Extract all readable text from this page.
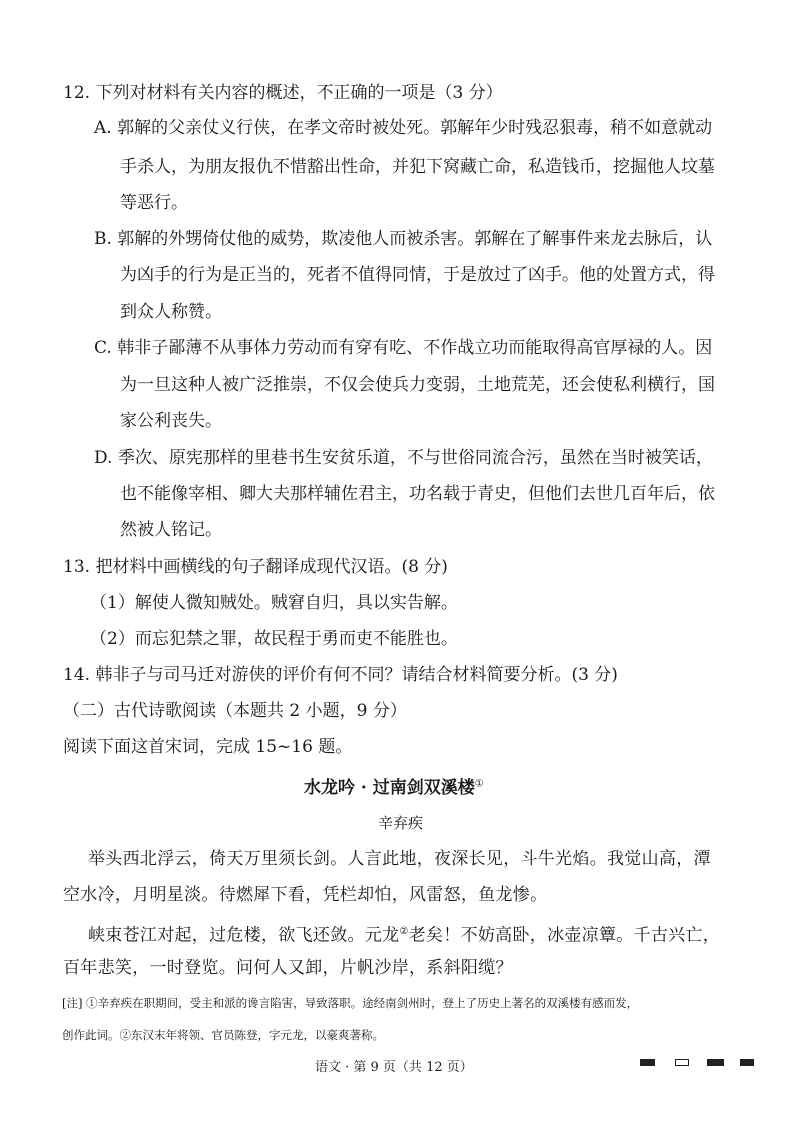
12. 下列对材料有关内容的概述，不正确的一项是（3 分）
A. 郭解的父亲仗义行侠，在孝文帝时被处死。郭解年少时残忍狠毒，稍不如意就动
手杀人，为朋友报仇不惜豁出性命，并犯下窝藏亡命，私造钱币，挖掘他人坟墓
等恶行。
B. 郭解的外甥倚仗他的威势，欺凌他人而被杀害。郭解在了解事件来龙去脉后，认
为凶手的行为是正当的，死者不值得同情，于是放过了凶手。他的处置方式，得
到众人称赞。
C. 韩非子鄙薄不从事体力劳动而有穿有吃、不作战立功而能取得高官厚禄的人。因
为一旦这种人被广泛推崇，不仅会使兵力变弱，土地荒芜，还会使私利横行，国
家公利丧失。
D. 季次、原宪那样的里巷书生安贫乐道，不与世俗同流合污，虽然在当时被笑话，
也不能像宰相、卿大夫那样辅佐君主，功名载于青史，但他们去世几百年后，依
然被人铭记。
13. 把材料中画横线的句子翻译成现代汉语。(8 分)
（1）解使人微知贼处。贼窘自归，具以实告解。
（2）而忘犯禁之罪，故民程于勇而吏不能胜也。
14. 韩非子与司马迁对游侠的评价有何不同？请结合材料简要分析。(3 分)
（二）古代诗歌阅读（本题共 2 小题，9 分）
阅读下面这首宋词，完成 15~16 题。
水龙吟 · 过南剑双溪楼①
辛弃疾
举头西北浮云，倚天万里须长剑。人言此地，夜深长见，斗牛光焰。我觉山高，潭
空水冷，月明星淡。待燃犀下看，凭栏却怕，风雷怒，鱼龙惨。
峡束苍江对起，过危楼，欲飞还敛。元龙②老矣！不妨高卧，冰壶凉簟。千古兴亡，
百年悲笑，一时登览。问何人又卸，片帆沙岸，系斜阳缆？
[注] ①辛弃疾在职期间，受主和派的谗言陷害，导致落职。途经南剑州时，登上了历史上著名的双溪楼有感而发，
创作此词。②东汉末年将领、官员陈登，字元龙，以豪爽著称。
语文 · 第 9 页（共 12 页）
